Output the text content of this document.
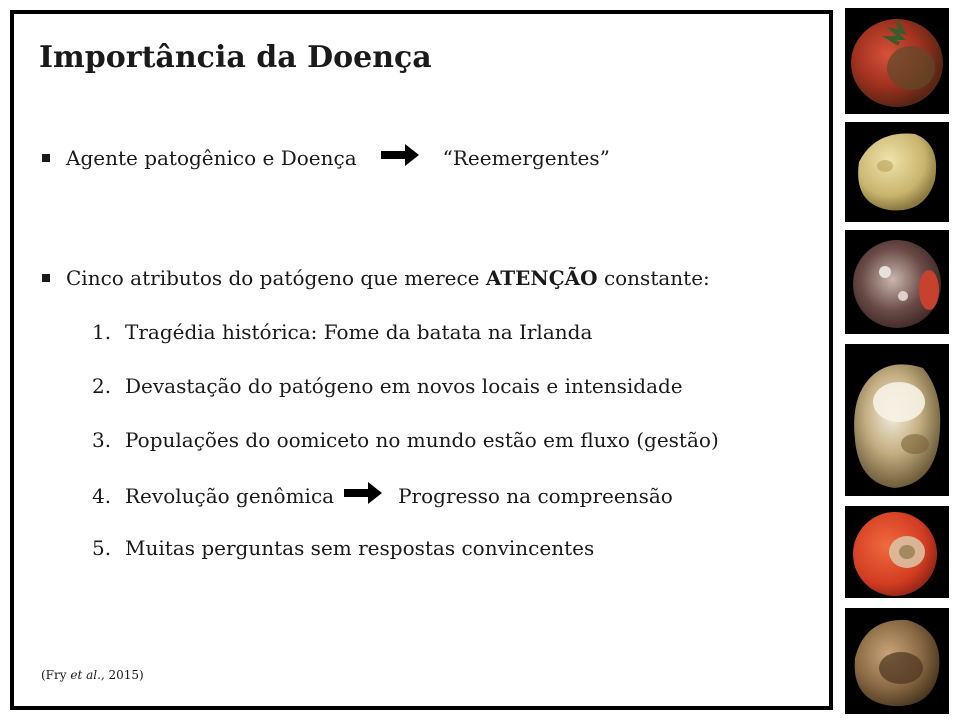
Importância da Doença
Agente patogênico e Doença	“Reemergentes”
Cinco atributos do patógeno que merece
ATENÇÃO
constante:
1. Tragédia histórica: Fome da batata na Irlanda
2. Devastação do patógeno em novos locais e intensidade
3. Populações do oomiceto no mundo estão em fluxo (gestão)
4. Revolução genômica	Progresso na compreensão
5. Muitas perguntas sem respostas convincentes
(Fry et al., 2015)
